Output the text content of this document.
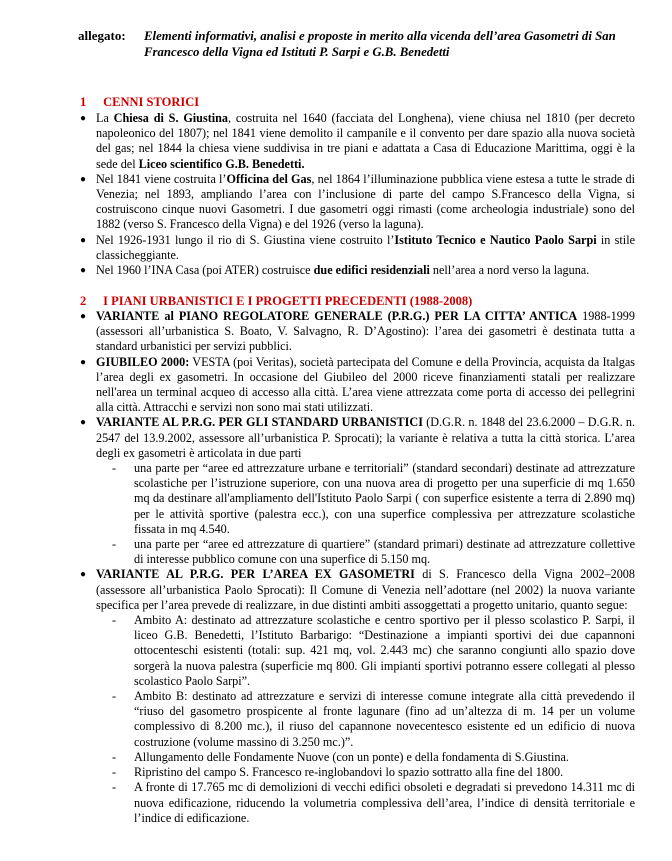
allegato: Elementi informativi, analisi e proposte in merito alla vicenda dell’area Gasometri di San Francesco della Vigna ed Istituti P. Sarpi e G.B. Benedetti
1 CENNI STORICI
● La Chiesa di S. Giustina, costruita nel 1640 (facciata del Longhena), viene chiusa nel 1810 (per decreto napoleonico del 1807); nel 1841 viene demolito il campanile e il convento per dare spazio alla nuova società del gas; nel 1844 la chiesa viene suddivisa in tre piani e adattata a Casa di Educazione Marittima, oggi è la sede del Liceo scientifico G.B. Benedetti.
● Nel 1841 viene costruita l’Officina del Gas, nel 1864 l’illuminazione pubblica viene estesa a tutte le strade di Venezia; nel 1893, ampliando l’area con l’inclusione di parte del campo S.Francesco della Vigna, si costruiscono cinque nuovi Gasometri. I due gasometri oggi rimasti (come archeologia industriale) sono del 1882 (verso S. Francesco della Vigna) e del 1926 (verso la laguna).
● Nel 1926-1931 lungo il rio di S. Giustina viene costruito l’Istituto Tecnico e Nautico Paolo Sarpi in stile classicheggiante.
● Nel 1960 l’INA Casa (poi ATER) costruisce due edifici residenziali nell’area a nord verso la laguna.
2 I PIANI URBANISTICI E I PROGETTI PRECEDENTI (1988-2008)
● VARIANTE al PIANO REGOLATORE GENERALE (P.R.G.) PER LA CITTA’ ANTICA 1988-1999 (assessori all’urbanistica S. Boato, V. Salvagno, R. D’Agostino): l’area dei gasometri è destinata tutta a standard urbanistici per servizi pubblici.
● GIUBILEO 2000: VESTA (poi Veritas), società partecipata del Comune e della Provincia, acquista da Italgas l’area degli ex gasometri. In occasione del Giubileo del 2000 riceve finanziamenti statali per realizzare nell'area un terminal acqueo di accesso alla città. L’area viene attrezzata come porta di accesso dei pellegrini alla città. Attracchi e servizi non sono mai stati utilizzati.
● VARIANTE AL P.R.G. PER GLI STANDARD URBANISTICI (D.G.R. n. 1848 del 23.6.2000 – D.G.R. n. 2547 del 13.9.2002, assessore all’urbanistica P. Sprocati); la variante è relativa a tutta la città storica. L’area degli ex gasometri è articolata in due parti
- una parte per “aree ed attrezzature urbane e territoriali” (standard secondari) destinate ad attrezzature scolastiche per l’istruzione superiore, con una nuova area di progetto per una superficie di mq 1.650 mq da destinare all'ampliamento dell'Istituto Paolo Sarpi ( con superfice esistente a terra di 2.890 mq) per le attività sportive (palestra ecc.), con una superfice complessiva per attrezzature scolastiche fissata in mq 4.540.
- una parte per “aree ed attrezzature di quartiere” (standard primari) destinate ad attrezzature collettive di interesse pubblico comune con una superfice di 5.150 mq.
● VARIANTE AL P.R.G. PER L’AREA EX GASOMETRI di S. Francesco della Vigna 2002–2008 (assessore all’urbanistica Paolo Sprocati): Il Comune di Venezia nell’adottare (nel 2002) la nuova variante specifica per l’area prevede di realizzare, in due distinti ambiti assoggettati a progetto unitario, quanto segue:
- Ambito A: destinato ad attrezzature scolastiche e centro sportivo per il plesso scolastico P. Sarpi, il liceo G.B. Benedetti, l’Istituto Barbarigo: “Destinazione a impianti sportivi dei due capannoni ottocenteschi esistenti (totali: sup. 421 mq, vol. 2.443 mc) che saranno congiunti allo spazio dove sorgerà la nuova palestra (superficie mq 800. Gli impianti sportivi potranno essere collegati al plesso scolastico Paolo Sarpi”.
- Ambito B: destinato ad attrezzature e servizi di interesse comune integrate alla città prevedendo il “riuso del gasometro prospicente al fronte lagunare (fino ad un’altezza di m. 14 per un volume complessivo di 8.200 mc.), il riuso del capannone novecentesco esistente ed un edificio di nuova costruzione (volume massino di 3.250 mc.)”.
- Allungamento delle Fondamente Nuove (con un ponte) e della fondamenta di S.Giustina.
- Ripristino del campo S. Francesco re-inglobandovi lo spazio sottratto alla fine del 1800.
- A fronte di 17.765 mc di demolizioni di vecchi edifici obsoleti e degradati si prevedono 14.311 mc di nuova edificazione, riducendo la volumetria complessiva dell’area, l’indice di densità territoriale e l’indice di edificazione.
